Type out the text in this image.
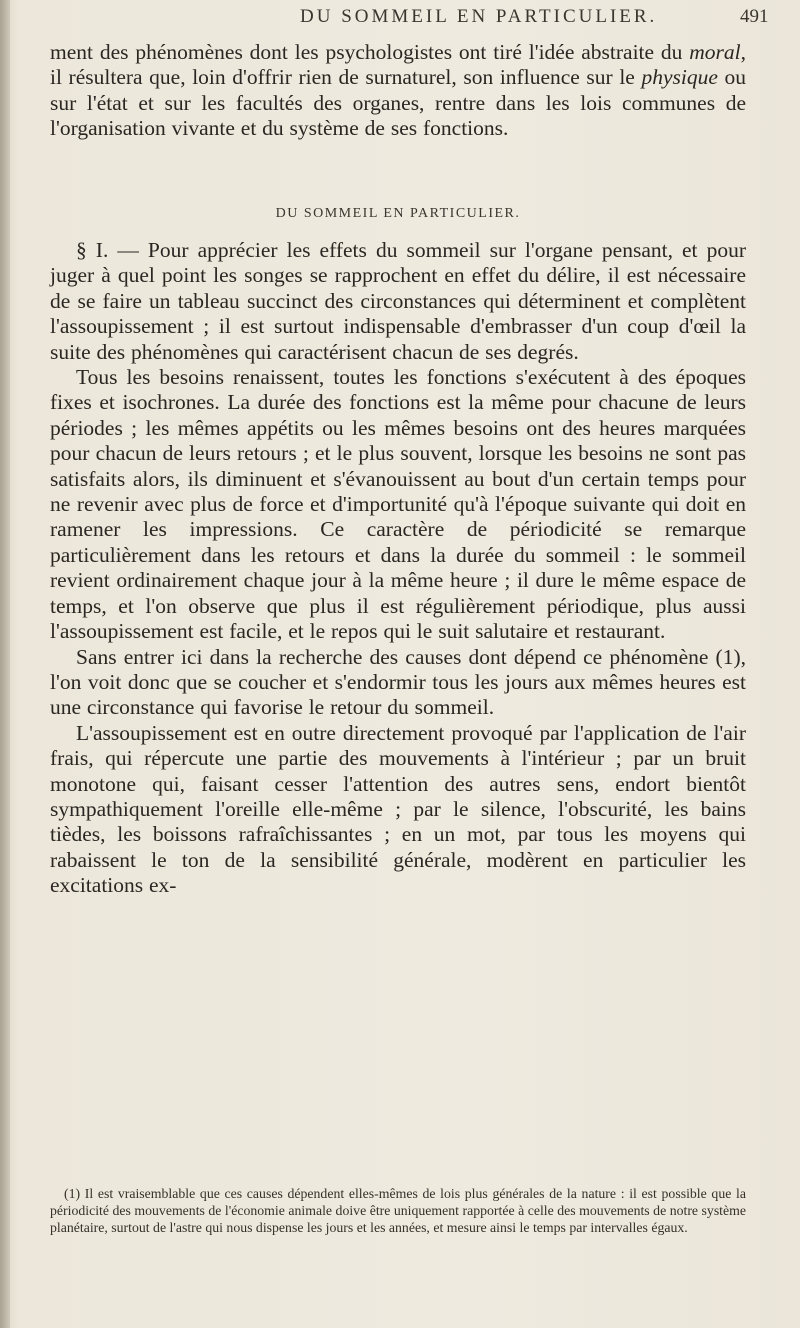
DU SOMMEIL EN PARTICULIER.	491

ment des phénomènes dont les psychologistes ont tiré l'idée abstraite du moral, il résultera que, loin d'offrir rien de surnaturel, son influence sur le physique ou sur l'état et sur les facultés des organes, rentre dans les lois communes de l'organisation vivante et du système de ses fonctions.

DU SOMMEIL EN PARTICULIER.

§ I. — Pour apprécier les effets du sommeil sur l'organe pensant, et pour juger à quel point les songes se rapprochent en effet du délire, il est nécessaire de se faire un tableau succinct des circonstances qui déterminent et complètent l'assoupissement ; il est surtout indispensable d'embrasser d'un coup d'œil la suite des phénomènes qui caractérisent chacun de ses degrés.

Tous les besoins renaissent, toutes les fonctions s'exécutent à des époques fixes et isochrones. La durée des fonctions est la même pour chacune de leurs périodes ; les mêmes appétits ou les mêmes besoins ont des heures marquées pour chacun de leurs retours ; et le plus souvent, lorsque les besoins ne sont pas satisfaits alors, ils diminuent et s'évanouissent au bout d'un certain temps pour ne revenir avec plus de force et d'importunité qu'à l'époque suivante qui doit en ramener les impressions. Ce caractère de périodicité se remarque particulièrement dans les retours et dans la durée du sommeil : le sommeil revient ordinairement chaque jour à la même heure ; il dure le même espace de temps, et l'on observe que plus il est régulièrement périodique, plus aussi l'assoupissement est facile, et le repos qui le suit salutaire et restaurant.

Sans entrer ici dans la recherche des causes dont dépend ce phénomène (1), l'on voit donc que se coucher et s'endormir tous les jours aux mêmes heures est une circonstance qui favorise le retour du sommeil.

L'assoupissement est en outre directement provoqué par l'application de l'air frais, qui répercute une partie des mouvements à l'intérieur ; par un bruit monotone qui, faisant cesser l'attention des autres sens, endort bientôt sympathiquement l'oreille elle-même ; par le silence, l'obscurité, les bains tièdes, les boissons rafraîchissantes ; en un mot, par tous les moyens qui rabaissent le ton de la sensibilité générale, modèrent en particulier les excitations ex-

(1) Il est vraisemblable que ces causes dépendent elles-mêmes de lois plus générales de la nature : il est possible que la périodicité des mouvements de l'économie animale doive être uniquement rapportée à celle des mouvements de notre système planétaire, surtout de l'astre qui nous dispense les jours et les années, et mesure ainsi le temps par intervalles égaux.
